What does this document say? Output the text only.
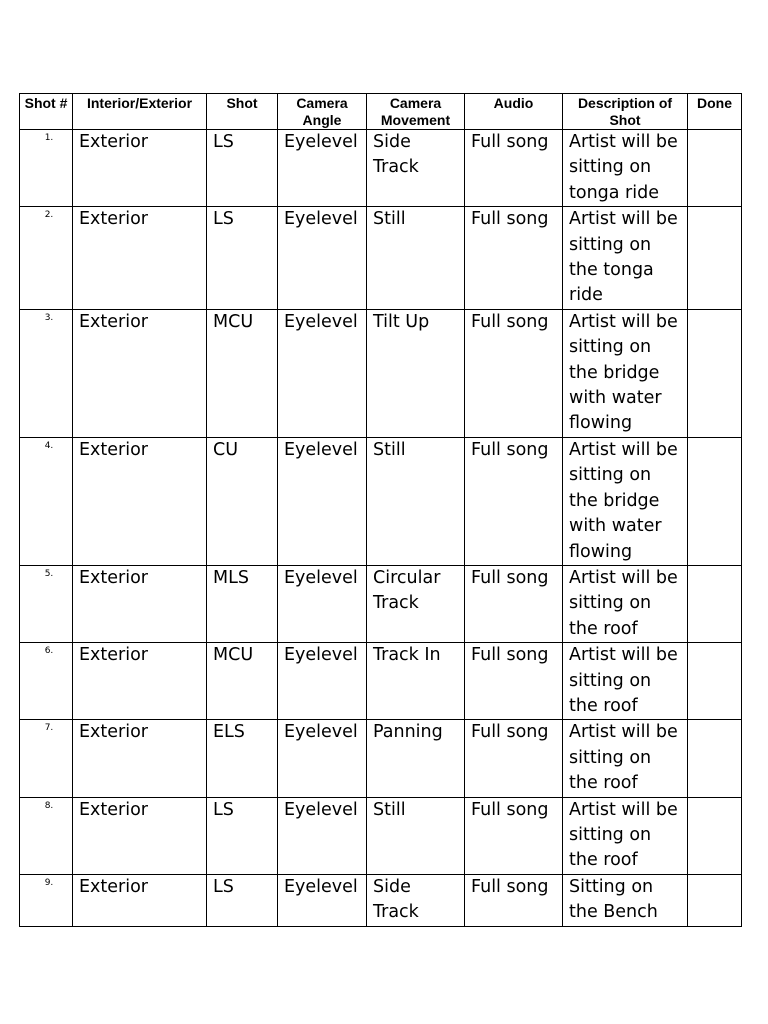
Shot #	Interior/Exterior	Shot	Camera Angle	Camera Movement	Audio	Description of Shot	Done
1.	Exterior	LS	Eyelevel	Side Track	Full song	Artist will be sitting on tonga ride	
2.	Exterior	LS	Eyelevel	Still	Full song	Artist will be sitting on the tonga ride	
3.	Exterior	MCU	Eyelevel	Tilt Up	Full song	Artist will be sitting on the bridge with water flowing	
4.	Exterior	CU	Eyelevel	Still	Full song	Artist will be sitting on the bridge with water flowing	
5.	Exterior	MLS	Eyelevel	Circular Track	Full song	Artist will be sitting on the roof	
6.	Exterior	MCU	Eyelevel	Track In	Full song	Artist will be sitting on the roof	
7.	Exterior	ELS	Eyelevel	Panning	Full song	Artist will be sitting on the roof	
8.	Exterior	LS	Eyelevel	Still	Full song	Artist will be sitting on the roof	
9.	Exterior	LS	Eyelevel	Side Track	Full song	Sitting on the Bench	
